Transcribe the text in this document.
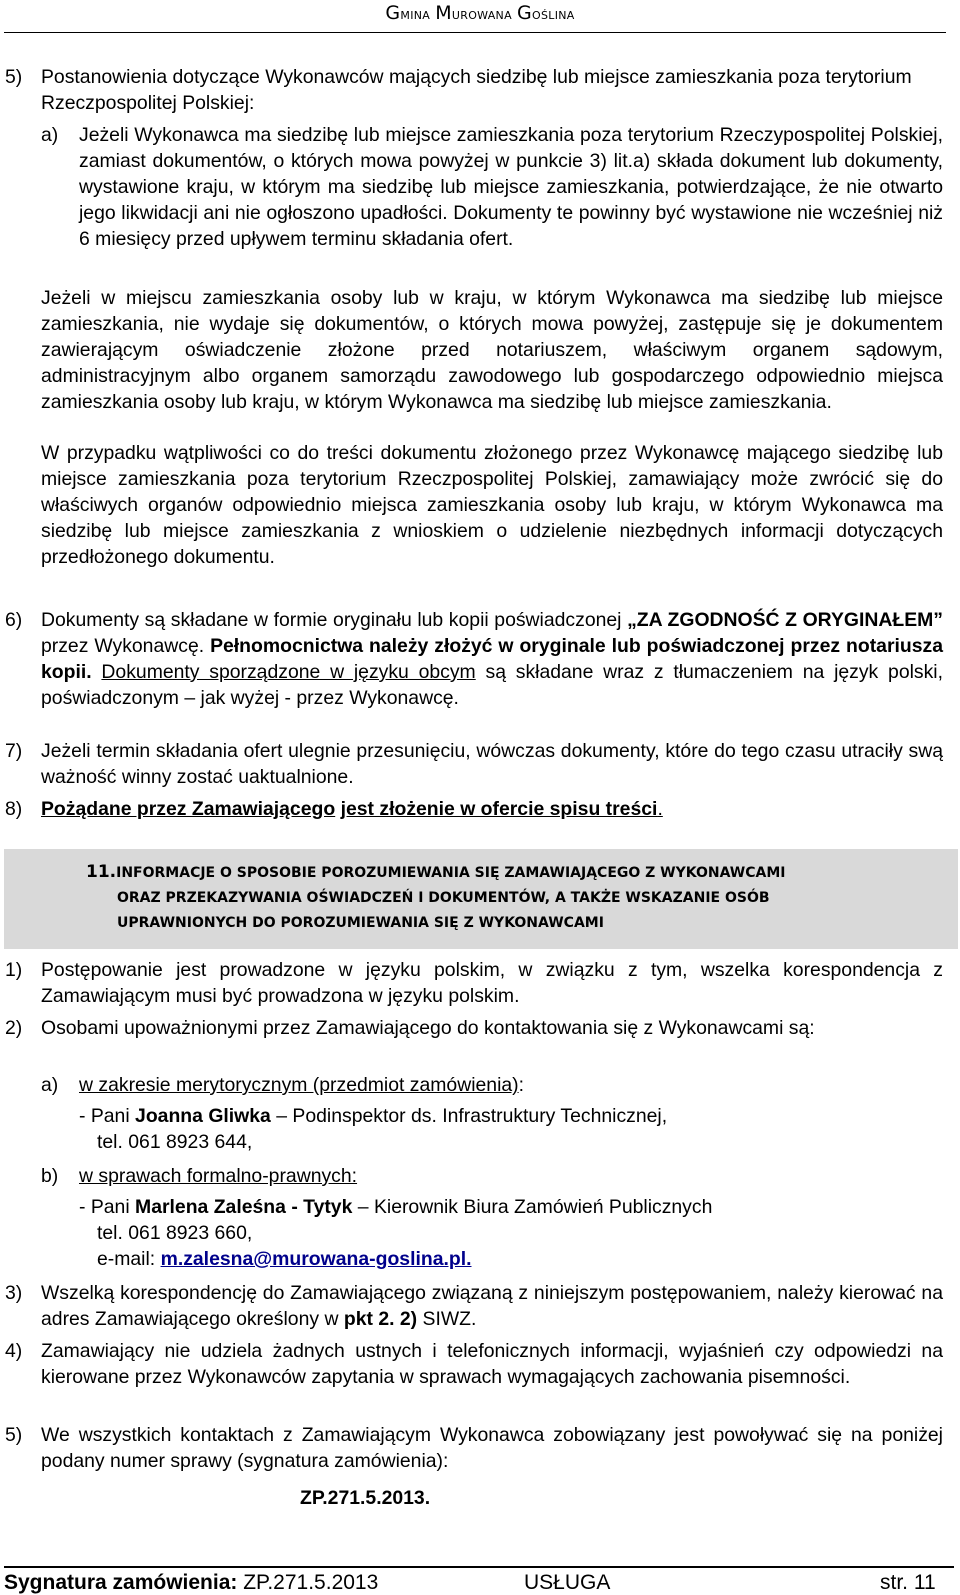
Gmina Murowana Goślina
5) Postanowienia dotyczące Wykonawców mających siedzibę lub miejsce zamieszkania poza terytorium Rzeczpospolitej Polskiej:
a) Jeżeli Wykonawca ma siedzibę lub miejsce zamieszkania poza terytorium Rzeczypospolitej Polskiej, zamiast dokumentów, o których mowa powyżej w punkcie 3) lit.a) składa dokument lub dokumenty, wystawione kraju, w którym ma siedzibę lub miejsce zamieszkania, potwierdzające, że nie otwarto jego likwidacji ani nie ogłoszono upadłości. Dokumenty te powinny być wystawione nie wcześniej niż 6 miesięcy przed upływem terminu składania ofert.
Jeżeli w miejscu zamieszkania osoby lub w kraju, w którym Wykonawca ma siedzibę lub miejsce zamieszkania, nie wydaje się dokumentów, o których mowa powyżej, zastępuje się je dokumentem zawierającym oświadczenie złożone przed notariuszem, właściwym organem sądowym, administracyjnym albo organem samorządu zawodowego lub gospodarczego odpowiednio miejsca zamieszkania osoby lub kraju, w którym Wykonawca ma siedzibę lub miejsce zamieszkania.
W przypadku wątpliwości co do treści dokumentu złożonego przez Wykonawcę mającego siedzibę lub miejsce zamieszkania poza terytorium Rzeczpospolitej Polskiej, zamawiający może zwrócić się do właściwych organów odpowiednio miejsca zamieszkania osoby lub kraju, w którym Wykonawca ma siedzibę lub miejsce zamieszkania z wnioskiem o udzielenie niezbędnych informacji dotyczących przedłożonego dokumentu.
6) Dokumenty są składane w formie oryginału lub kopii poświadczonej „ZA ZGODNOŚĆ Z ORYGINAŁEM” przez Wykonawcę. Pełnomocnictwa należy złożyć w oryginale lub poświadczonej przez notariusza kopii. Dokumenty sporządzone w języku obcym są składane wraz z tłumaczeniem na język polski, poświadczonym – jak wyżej - przez Wykonawcę.
7) Jeżeli termin składania ofert ulegnie przesunięciu, wówczas dokumenty, które do tego czasu utraciły swą ważność winny zostać uaktualnione.
8) Pożądane przez Zamawiającego jest złożenie w ofercie spisu treści.
11.INFORMACJE O SPOSOBIE POROZUMIEWANIA SIĘ ZAMAWIAJĄCEGO Z WYKONAWCAMI
ORAZ PRZEKAZYWANIA OŚWIADCZEŃ I DOKUMENTÓW, A TAKŻE WSKAZANIE OSÓB
UPRAWNIONYCH DO POROZUMIEWANIA SIĘ Z WYKONAWCAMI
1) Postępowanie jest prowadzone w języku polskim, w związku z tym, wszelka korespondencja z Zamawiającym musi być prowadzona w języku polskim.
2) Osobami upoważnionymi przez Zamawiającego do kontaktowania się z Wykonawcami są:
a) w zakresie merytorycznym (przedmiot zamówienia):
- Pani Joanna Gliwka – Podinspektor ds. Infrastruktury Technicznej,
tel. 061 8923 644,
b) w sprawach formalno-prawnych:
- Pani Marlena Zaleśna - Tytyk – Kierownik Biura Zamówień Publicznych
tel. 061 8923 660,
e-mail: m.zalesna@murowana-goslina.pl.
3) Wszelką korespondencję do Zamawiającego związaną z niniejszym postępowaniem, należy kierować na adres Zamawiającego określony w pkt 2. 2) SIWZ.
4) Zamawiający nie udziela żadnych ustnych i telefonicznych informacji, wyjaśnień czy odpowiedzi na kierowane przez Wykonawców zapytania w sprawach wymagających zachowania pisemności.
5) We wszystkich kontaktach z Zamawiającym Wykonawca zobowiązany jest powoływać się na poniżej podany numer sprawy (sygnatura zamówienia):
ZP.271.5.2013.
Sygnatura zamówienia: ZP.271.5.2013	USŁUGA	str. 11
